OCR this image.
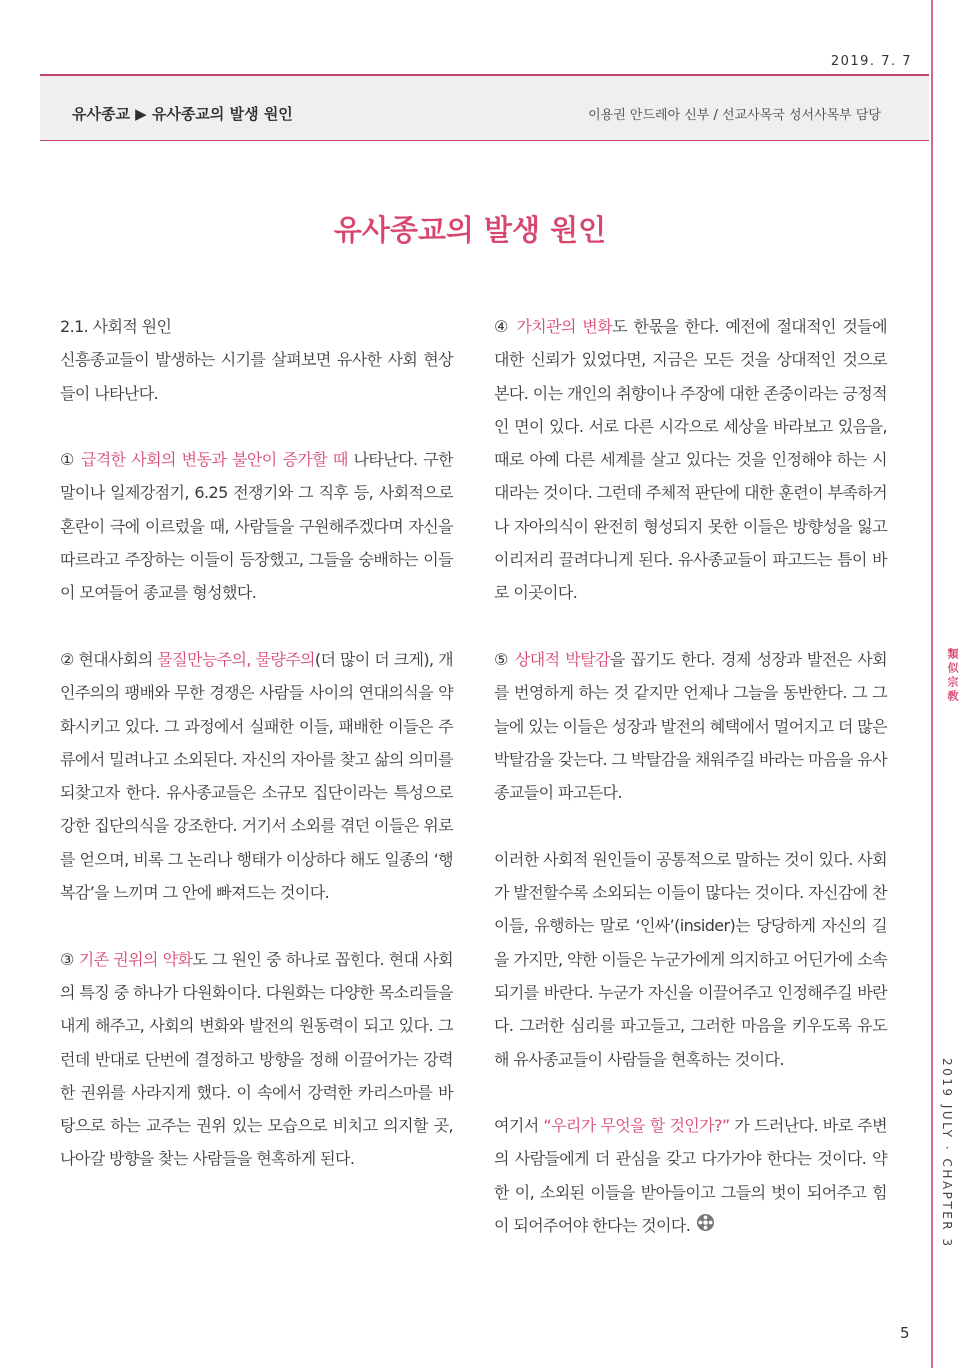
2019. 7. 7
유사종교 ▶ 유사종교의 발생 원인	이용권 안드레아 신부 / 선교사목국 성서사목부 담당
類似宗敎
2019 JULY · CHAPTER 3
유사종교의 발생 원인

2.1. 사회적 원인

신흥종교들이 발생하는 시기를 살펴보면 유사한 사회 현상들이 나타난다.

① 급격한 사회의 변동과 불안이 증가할 때 나타난다. 구한말이나 일제강점기, 6.25 전쟁기와 그 직후 등, 사회적으로 혼란이 극에 이르렀을 때, 사람들을 구원해주겠다며 자신을 따르라고 주장하는 이들이 등장했고, 그들을 숭배하는 이들이 모여들어 종교를 형성했다.

② 현대사회의 물질만능주의, 물량주의(더 많이 더 크게), 개인주의의 팽배와 무한 경쟁은 사람들 사이의 연대의식을 약화시키고 있다. 그 과정에서 실패한 이들, 패배한 이들은 주류에서 밀려나고 소외된다. 자신의 자아를 찾고 삶의 의미를 되찾고자 한다. 유사종교들은 소규모 집단이라는 특성으로 강한 집단의식을 강조한다. 거기서 소외를 겪던 이들은 위로를 얻으며, 비록 그 논리나 행태가 이상하다 해도 일종의 ‘행복감’을 느끼며 그 안에 빠져드는 것이다.

③ 기존 권위의 약화도 그 원인 중 하나로 꼽힌다. 현대 사회의 특징 중 하나가 다원화이다. 다원화는 다양한 목소리들을 내게 해주고, 사회의 변화와 발전의 원동력이 되고 있다. 그런데 반대로 단번에 결정하고 방향을 정해 이끌어가는 강력한 권위를 사라지게 했다. 이 속에서 강력한 카리스마를 바탕으로 하는 교주는 권위 있는 모습으로 비치고 의지할 곳, 나아갈 방향을 찾는 사람들을 현혹하게 된다.

④ 가치관의 변화도 한몫을 한다. 예전에 절대적인 것들에 대한 신뢰가 있었다면, 지금은 모든 것을 상대적인 것으로 본다. 이는 개인의 취향이나 주장에 대한 존중이라는 긍정적인 면이 있다. 서로 다른 시각으로 세상을 바라보고 있음을, 때로 아예 다른 세계를 살고 있다는 것을 인정해야 하는 시대라는 것이다. 그런데 주체적 판단에 대한 훈련이 부족하거나 자아의식이 완전히 형성되지 못한 이들은 방향성을 잃고 이리저리 끌려다니게 된다. 유사종교들이 파고드는 틈이 바로 이곳이다.

⑤ 상대적 박탈감을 꼽기도 한다. 경제 성장과 발전은 사회를 번영하게 하는 것 같지만 언제나 그늘을 동반한다. 그 그늘에 있는 이들은 성장과 발전의 혜택에서 멀어지고 더 많은 박탈감을 갖는다. 그 박탈감을 채워주길 바라는 마음을 유사종교들이 파고든다.

이러한 사회적 원인들이 공통적으로 말하는 것이 있다. 사회가 발전할수록 소외되는 이들이 많다는 것이다. 자신감에 찬 이들, 유행하는 말로 ‘인싸’(insider)는 당당하게 자신의 길을 가지만, 약한 이들은 누군가에게 의지하고 어딘가에 소속되기를 바란다. 누군가 자신을 이끌어주고 인정해주길 바란다. 그러한 심리를 파고들고, 그러한 마음을 키우도록 유도해 유사종교들이 사람들을 현혹하는 것이다.

여기서 “우리가 무엇을 할 것인가?” 가 드러난다. 바로 주변의 사람들에게 더 관심을 갖고 다가가야 한다는 것이다. 약한 이, 소외된 이들을 받아들이고 그들의 벗이 되어주고 힘이 되어주어야 한다는 것이다.

5
